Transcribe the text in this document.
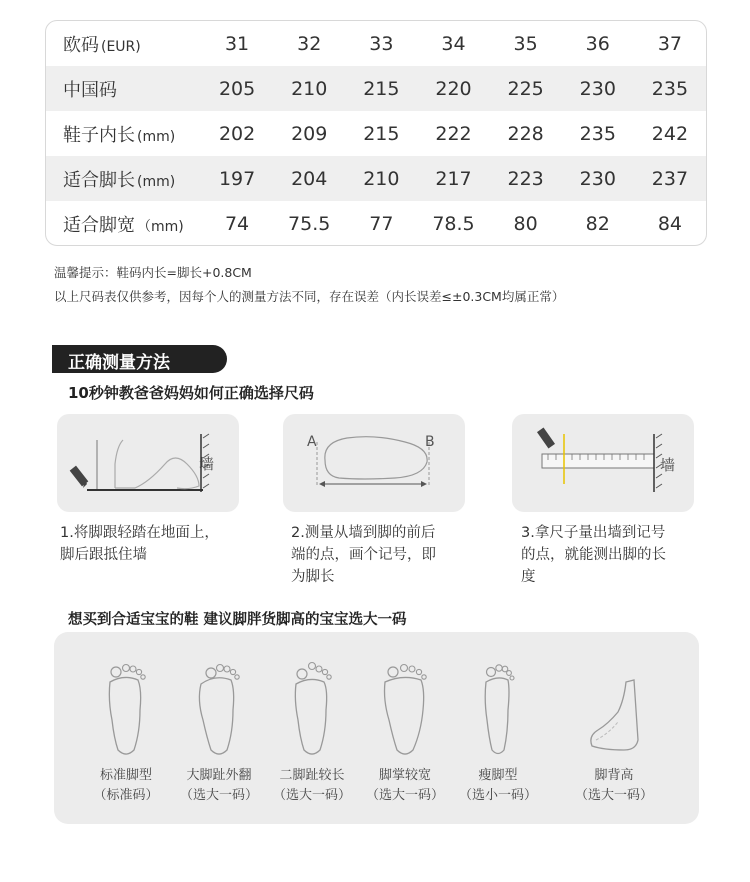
欧码 (EUR)	31	32	33	34	35	36	37
中国码	205	210	215	220	225	230	235
鞋子内长 (mm)	202	209	215	222	228	235	242
适合脚长 (mm)	197	204	210	217	223	230	237
适合脚宽 （mm)	74	75.5	77	78.5	80	82	84
温馨提示：鞋码内长=脚长+0.8CM
以上尺码表仅供参考，因每个人的测量方法不同，存在误差（内长误差≤±0.3CM均属正常）
正确测量方法
10秒钟教爸爸妈妈如何正确选择尺码
墙
1.将脚跟轻踏在地面上，
脚后跟抵住墙
A	B
2.测量从墙到脚的前后
端的点，画个记号，即
为脚长
墙
3.拿尺子量出墙到记号
的点，就能测出脚的长
度
想买到合适宝宝的鞋 建议脚胖货脚高的宝宝选大一码
标准脚型
（标准码）
大脚趾外翻
（选大一码）
二脚趾较长
（选大一码）
脚掌较宽
（选大一码）
瘦脚型
（选小一码）
脚背高
（选大一码）
